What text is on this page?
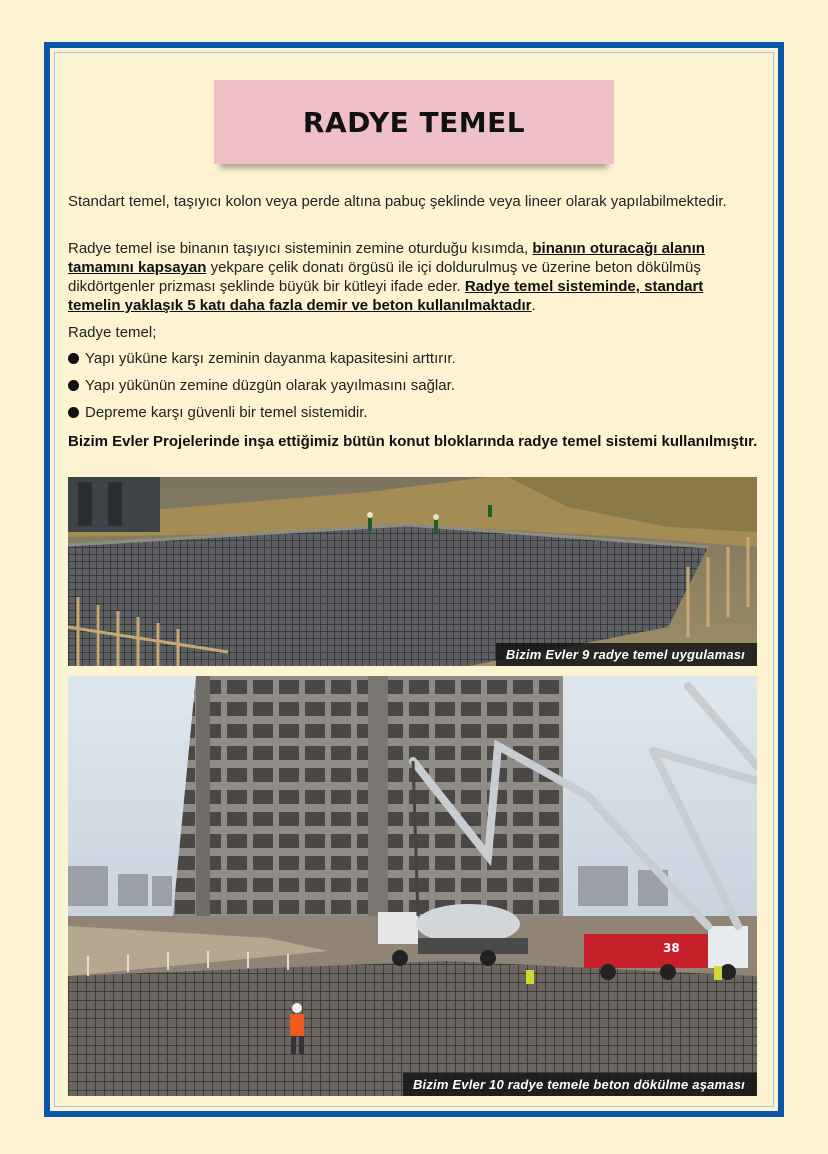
RADYE TEMEL

Standart temel, taşıyıcı kolon veya perde altına pabuç şeklinde veya lineer olarak yapılabilmektedir.

Radye temel ise binanın taşıyıcı sisteminin zemine oturduğu kısımda, binanın oturacağı alanın tamamını kapsayan yekpare çelik donatı örgüsü ile içi doldurulmuş ve üzerine beton dökülmüş dikdörtgenler prizması şeklinde büyük bir kütleyi ifade eder. Radye temel sisteminde, standart temelin yaklaşık 5 katı daha fazla demir ve beton kullanılmaktadır.

Radye temel;
Yapı yüküne karşı zeminin dayanma kapasitesini arttırır.
Yapı yükünün zemine düzgün olarak yayılmasını sağlar.
Depreme karşı güvenli bir temel sistemidir.
Bizim Evler Projelerinde inşa ettiğimiz bütün konut bloklarında radye temel sistemi kullanılmıştır.
Bizim Evler 9 radye temel uygulaması
38
Bizim Evler 10 radye temele beton dökülme aşaması
